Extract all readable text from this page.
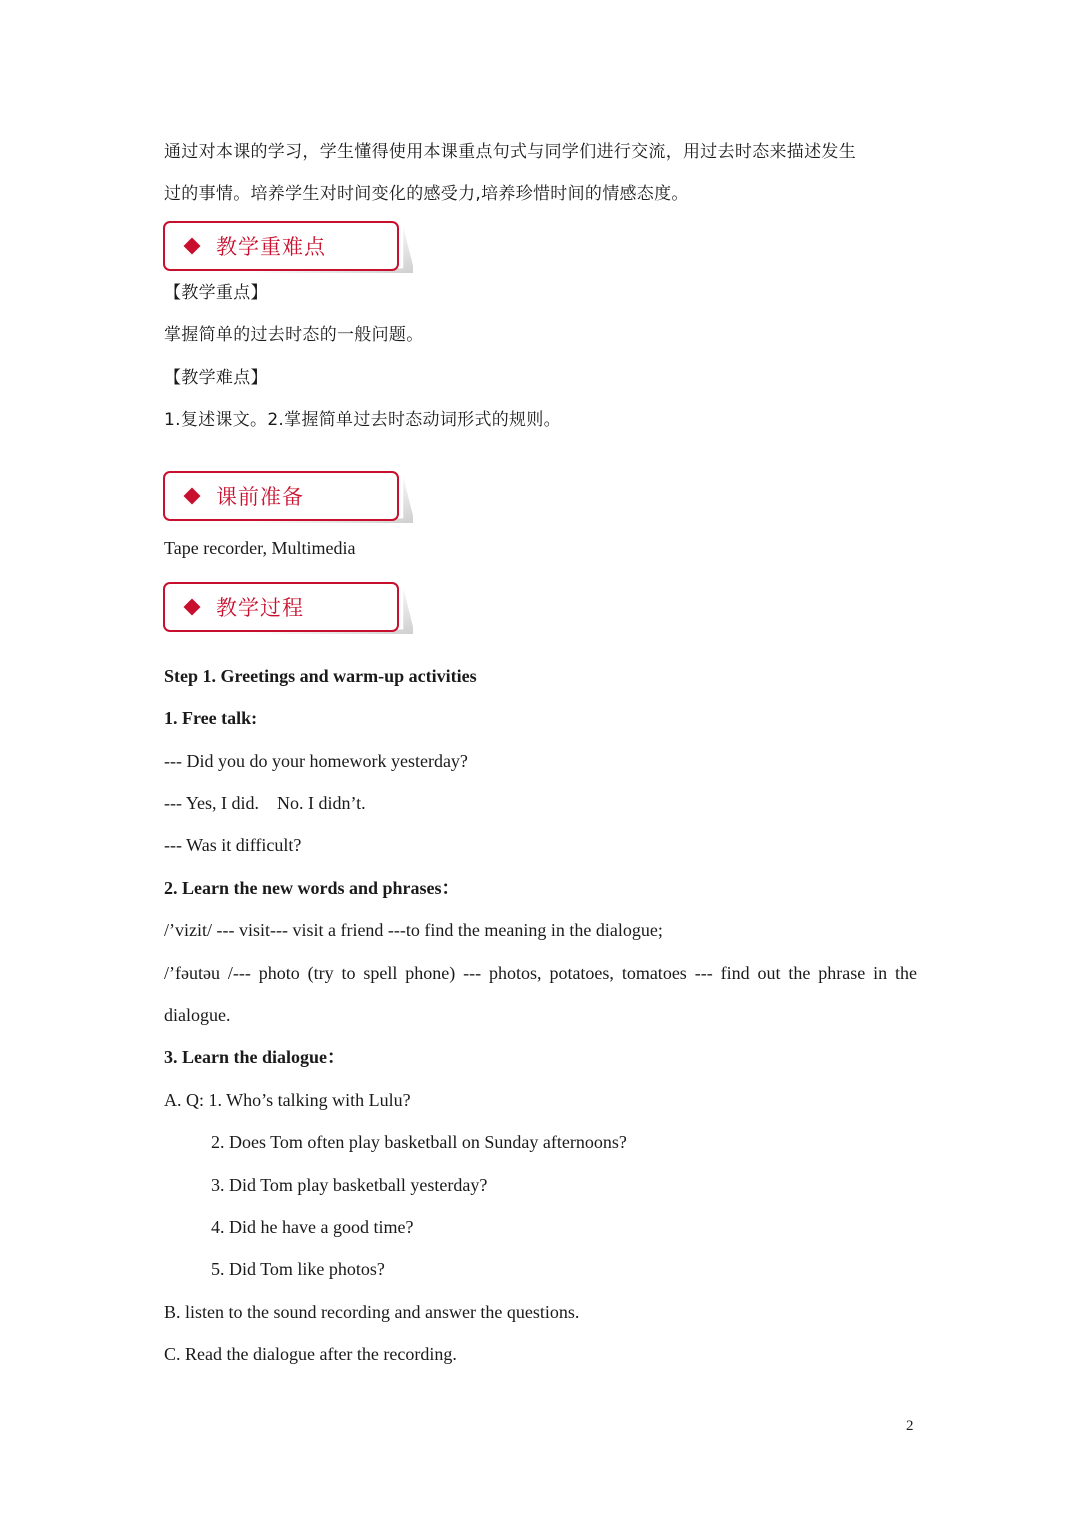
通过对本课的学习，学生懂得使用本课重点句式与同学们进行交流，用过去时态来描述发生
过的事情。培养学生对时间变化的感受力,培养珍惜时间的情感态度。
教学重难点
【教学重点】
掌握简单的过去时态的一般问题。
【教学难点】
1.复述课文。2.掌握简单过去时态动词形式的规则。
课前准备
Tape recorder, Multimedia
教学过程
Step 1. Greetings and warm-up activities
1. Free talk:
--- Did you do your homework yesterday?
--- Yes, I did.    No. I didn’t.
--- Was it difficult?
2. Learn the new words and phrases：
/’vizit/ --- visit--- visit a friend ---to find the meaning in the dialogue;
/’fəutəu /--- photo (try to spell phone) --- photos, potatoes, tomatoes --- find out the phrase in the
dialogue.
3. Learn the dialogue：
A. Q: 1. Who’s talking with Lulu?
2. Does Tom often play basketball on Sunday afternoons?
3. Did Tom play basketball yesterday?
4. Did he have a good time?
5. Did Tom like photos?
B. listen to the sound recording and answer the questions.
C. Read the dialogue after the recording.
2
